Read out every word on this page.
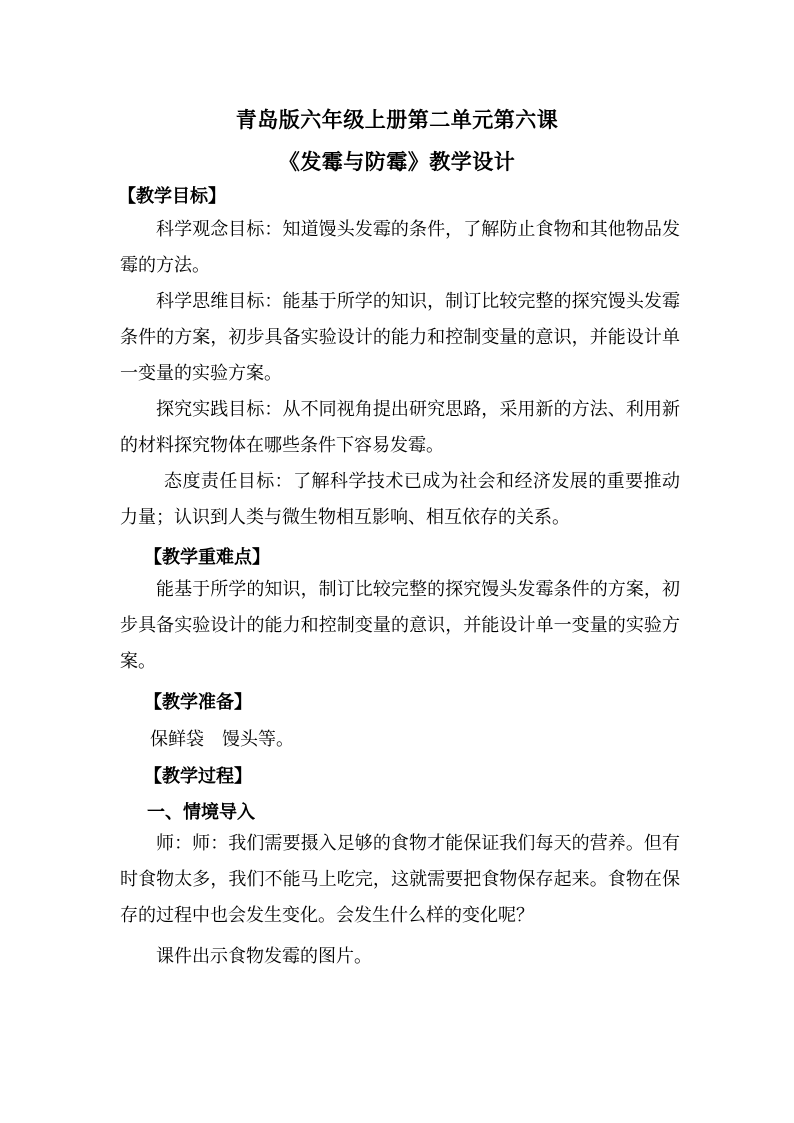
青岛版六年级上册第二单元第六课
《发霉与防霉》教学设计
【教学目标】

科学观念目标：知道馒头发霉的条件，了解防止食物和其他物品发霉的方法。

科学思维目标：能基于所学的知识，制订比较完整的探究馒头发霉条件的方案，初步具备实验设计的能力和控制变量的意识，并能设计单一变量的实验方案。

探究实践目标：从不同视角提出研究思路，采用新的方法、利用新的材料探究物体在哪些条件下容易发霉。

态度责任目标：了解科学技术已成为社会和经济发展的重要推动力量；认识到人类与微生物相互影响、相互依存的关系。

【教学重难点】

能基于所学的知识，制订比较完整的探究馒头发霉条件的方案，初步具备实验设计的能力和控制变量的意识，并能设计单一变量的实验方案。

【教学准备】
保鲜袋　馒头等。
【教学过程】
一、情境导入

师：师：我们需要摄入足够的食物才能保证我们每天的营养。但有时食物太多，我们不能马上吃完，这就需要把食物保存起来。食物在保存的过程中也会发生变化。会发生什么样的变化呢？

课件出示食物发霉的图片。
